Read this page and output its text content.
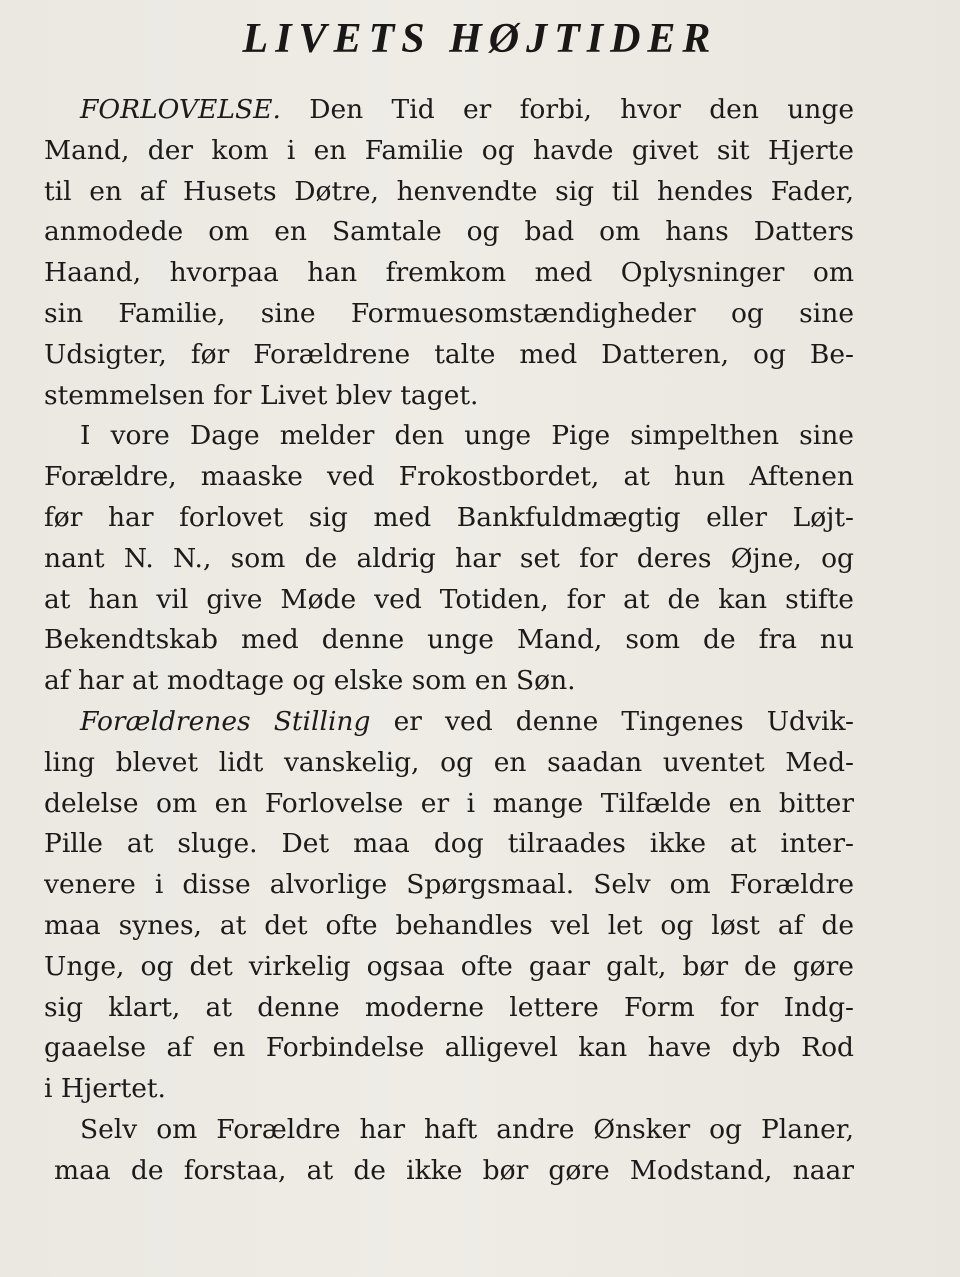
LIVETS HØJTIDER
FORLOVELSE. Den Tid er forbi, hvor den unge
Mand, der kom i en Familie og havde givet sit Hjerte
til en af Husets Døtre, henvendte sig til hendes Fader,
anmodede om en Samtale og bad om hans Datters
Haand, hvorpaa han fremkom med Oplysninger om
sin Familie, sine Formuesomstændigheder og sine
Udsigter, før Forældrene talte med Datteren, og Be-
stemmelsen for Livet blev taget.
I vore Dage melder den unge Pige simpelthen sine
Forældre, maaske ved Frokostbordet, at hun Aftenen
før har forlovet sig med Bankfuldmægtig eller Løjt-
nant N. N., som de aldrig har set for deres Øjne, og
at han vil give Møde ved Totiden, for at de kan stifte
Bekendtskab med denne unge Mand, som de fra nu
af har at modtage og elske som en Søn.
Forældrenes Stilling er ved denne Tingenes Udvik-
ling blevet lidt vanskelig, og en saadan uventet Med-
delelse om en Forlovelse er i mange Tilfælde en bitter
Pille at sluge. Det maa dog tilraades ikke at inter-
venere i disse alvorlige Spørgsmaal. Selv om Forældre
maa synes, at det ofte behandles vel let og løst af de
Unge, og det virkelig ogsaa ofte gaar galt, bør de gøre
sig klart, at denne moderne lettere Form for Indg-
gaaelse af en Forbindelse alligevel kan have dyb Rod
i Hjertet.
Selv om Forældre har haft andre Ønsker og Planer,
maa de forstaa, at de ikke bør gøre Modstand, naar
